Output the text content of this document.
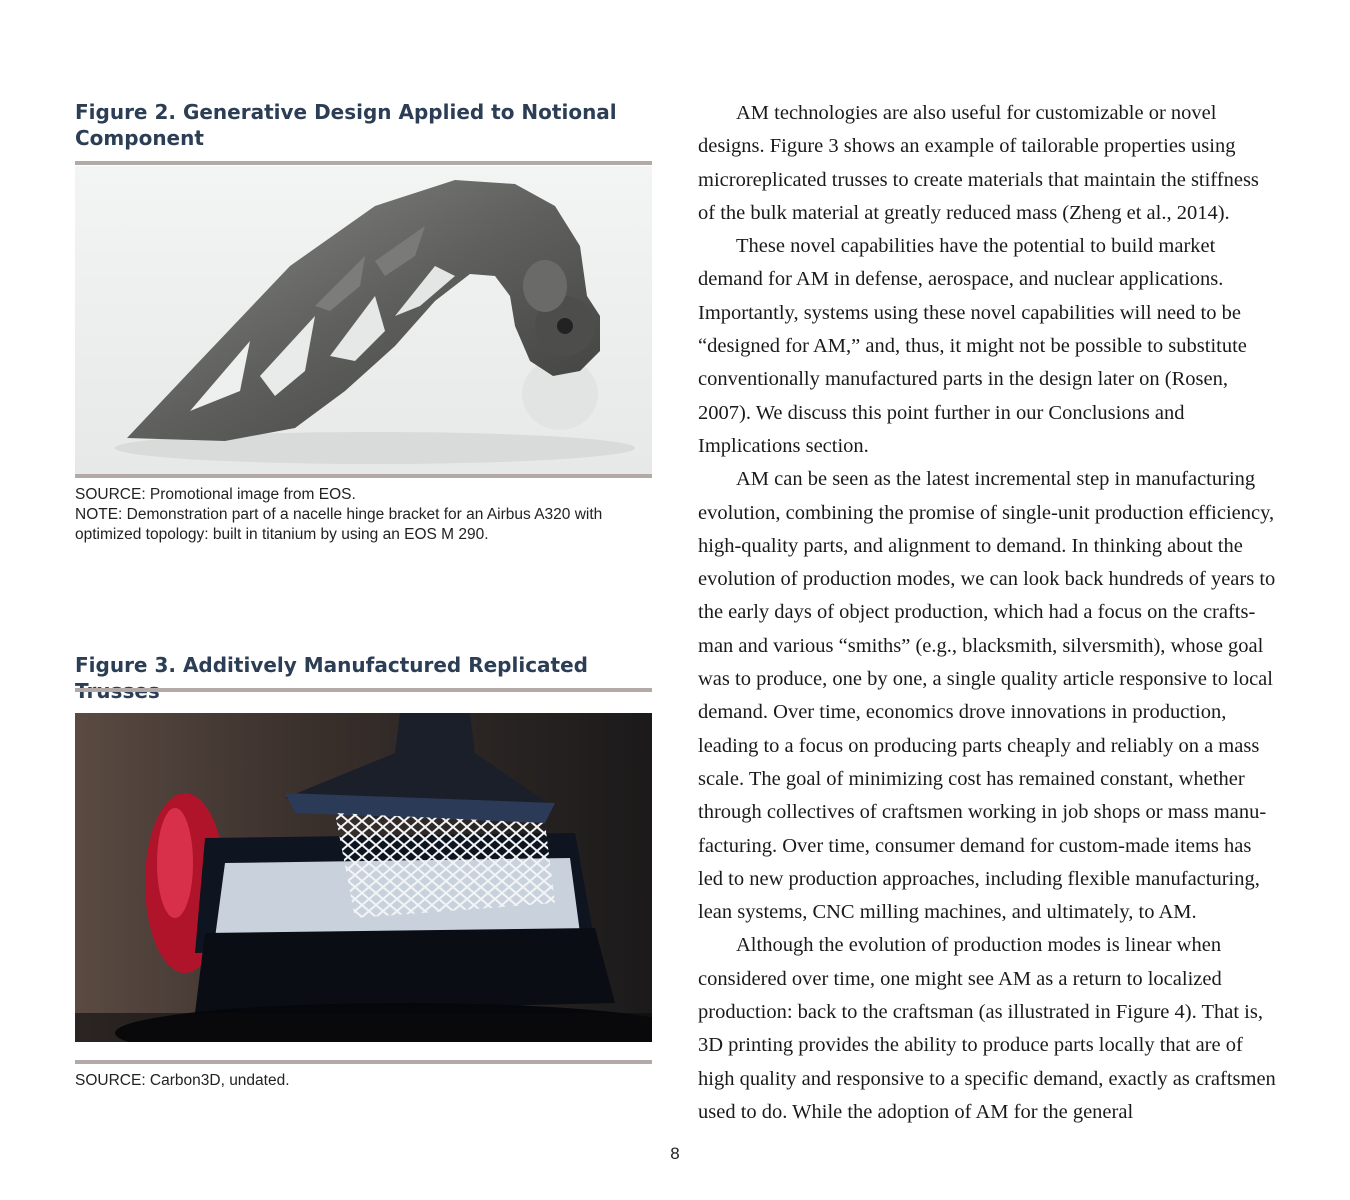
Figure 2. Generative Design Applied to Notional Component
SOURCE: Promotional image from EOS.
NOTE: Demonstration part of a nacelle hinge bracket for an Airbus A320 with optimized topology: built in titanium by using an EOS M 290.
Figure 3. Additively Manufactured Replicated
SOURCE: Carbon3D, undated.

AM technologies are also useful for customizable or novel designs. Figure 3 shows an example of tailorable properties using microreplicated trusses to create materials that maintain the stiffness of the bulk material at greatly reduced mass (Zheng et al., 2014).

These novel capabilities have the potential to build market demand for AM in defense, aerospace, and nuclear applications. Importantly, systems using these novel capabilities will need to be “designed for AM,” and, thus, it might not be possible to substitute conventionally manufactured parts in the design later on (Rosen, 2007). We discuss this point further in our Conclusions and Implications section.

AM can be seen as the latest incremental step in manufacturing evolution, combining the promise of single-unit production efficiency, high-quality parts, and alignment to demand. In thinking about the evolution of production modes, we can look back hundreds of years to the early days of object production, which had a focus on the crafts-man and various “smiths” (e.g., blacksmith, silversmith), whose goal was to produce, one by one, a single quality article responsive to local demand. Over time, economics drove innovations in production, leading to a focus on producing parts cheaply and reliably on a mass scale. The goal of minimizing cost has remained constant, whether through collectives of craftsmen working in job shops or mass manu-facturing. Over time, consumer demand for custom-made items has led to new production approaches, including flexible manufacturing, lean systems, CNC milling machines, and ultimately, to AM.

Although the evolution of production modes is linear when considered over time, one might see AM as a return to localized production: back to the craftsman (as illustrated in Figure 4). That is, 3D printing provides the ability to produce parts locally that are of high quality and responsive to a specific demand, exactly as craftsmen used to do. While the adoption of AM for the general

8
